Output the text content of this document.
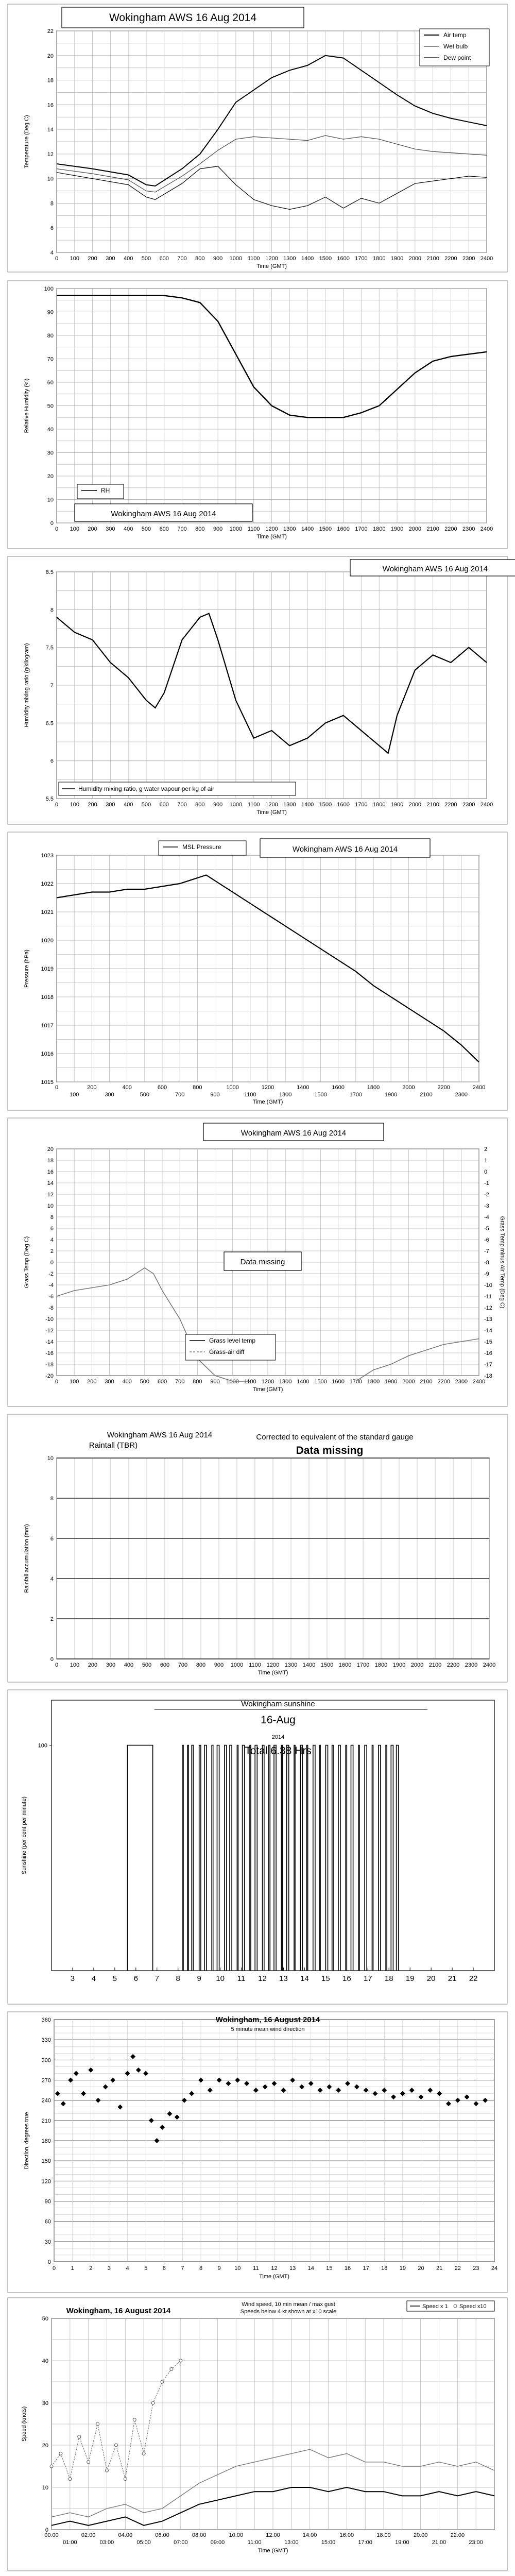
4
6
8
10
12
14
16
18
20
22
0 100 200 300 400 500 600 700 800 900 1000 1100 1200 1300 1400 1500 1600 1700 1800 1900 2000 2100 2200 2300 2400
Time (GMT)
Temperature (Deg C)
Wokingham AWS 16 Aug 2014
Air temp
Wet bulb
Dew point
0
10
20
30
40
50
60
70
80
90
100
0 100 200 300 400 500 600 700 800 900 1000 1100 1200 1300 1400 1500 1600 1700 1800 1900 2000 2100 2200 2300 2400
Time (GMT)
Relative Humidity (%)
RH
Wokingham AWS 16 Aug 2014
5.5
6
6.5
7
7.5
8
8.5
0 100 200 300 400 500 600 700 800 900 1000 1100 1200 1300 1400 1500 1600 1700 1800 1900 2000 2100 2200 2300 2400
Time (GMT)
Humidity mixing ratio (g/kilogram)
Wokingham AWS 16 Aug 2014
Humidity mixing ratio, g water vapour per kg of air
1015
1016
1017
1018
1019
1020
1021
1022
1023
0	200	400	600	800	1000	1200	1400	1600	1800	2000	2200	2400
100	300	500	700	900	1100	1300	1500	1700	1900	2100	2300
Time (GMT)
Pressure (hPa)
Wokingham AWS 16 Aug 2014
MSL Pressure
-20
-18
-16
-14
-12
-10
-8
-6
-4
-2
0
2
4
6
8
10
12
14
16
18
20
0 100 200 300 400 500 600 700 800 900 1000 1100 1200 1300 1400 1500 1600 1700 1800 1900 2000 2100 2200 2300 2400
Time (GMT)
Grass Temp (Deg C)
Wokingham AWS 16 Aug 2014
-18
-17
-16
-15
-14
-13
-12
-11
-10
-9
-8
-7
-6
-5
-4
-3
-2
-1
0
1
2
Grass Temp minus Air Temp (Deg C)
Data missing
Grass level temp
Grass-air diff
0
2
4
6
8
10
0 100 200 300 400 500 600 700 800 900 1000 1100 1200 1300 1400 1500 1600 1700 1800 1900 2000 2100 2200 2300 2400
Time (GMT)
Rainfall accumulation (mm)
Wokingham AWS 16 Aug 2014
Raintall (TBR)
Corrected to equivalent of the standard gauge
Data missing
100
3 4 5 6 7 8 9 10 11 12 13 14 15 16 17 18 19 20 21 22
Sunshine (per cent per minute)
Wokingham sunshine
16-Aug
2014
Total 6.38 Hrs
0
30
60
90
120
150
180
210
240
270
300
330
360
0	1	2	3	4	5	6	7	8	9 10 11 12 13 14 15 16 17 18 19 20 21 22 23 24
Time (GMT)
Direction, degrees true
Wokingham, 16 August 2014
5 minute mean wind direction
0
10
20
30
40
50
00:00	02:00	04:00	06:00	08:00	10:00	12:00	14:00	16:00	18:00	20:00	22:00
01:00	03:00	05:00	07:00	09:00	11:00	13:00	15:00	17:00	19:00	21:00	23:00
Time (GMT)
Speed (knots)
Wokingham, 16 August 2014
Wind speed, 10 min mean / max gust
Speeds below 4 kt shown at x10 scale
Speed x 1 Speed x10
